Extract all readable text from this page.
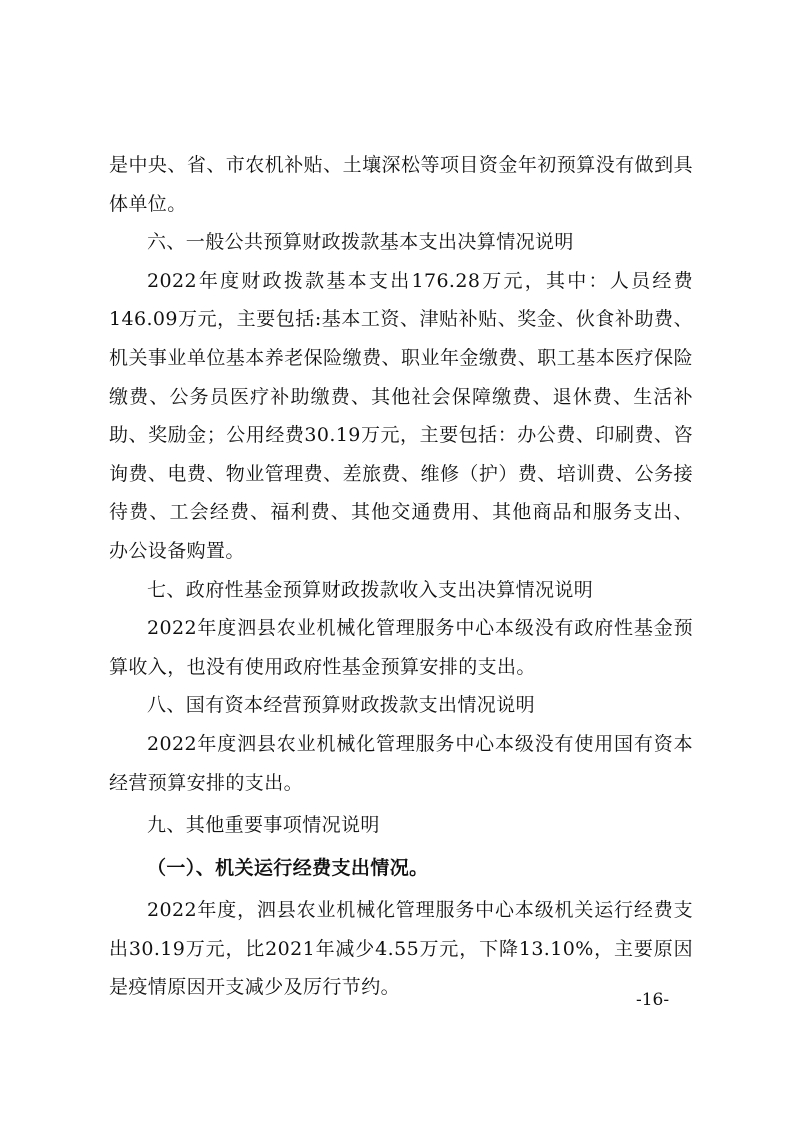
是中央、省、市农机补贴、土壤深松等项目资金年初预算没有做到具体单位。

六、一般公共预算财政拨款基本支出决算情况说明

2022年度财政拨款基本支出176.28万元，其中：人员经费146.09万元，主要包括:基本工资、津贴补贴、奖金、伙食补助费、机关事业单位基本养老保险缴费、职业年金缴费、职工基本医疗保险缴费、公务员医疗补助缴费、其他社会保障缴费、退休费、生活补助、奖励金；公用经费30.19万元，主要包括：办公费、印刷费、咨询费、电费、物业管理费、差旅费、维修（护）费、培训费、公务接待费、工会经费、福利费、其他交通费用、其他商品和服务支出、 办公设备购置。

七、政府性基金预算财政拨款收入支出决算情况说明

2022年度泗县农业机械化管理服务中心本级没有政府性基金预算收入，也没有使用政府性基金预算安排的支出。

八、国有资本经营预算财政拨款支出情况说明

2022年度泗县农业机械化管理服务中心本级没有使用国有资本经营预算安排的支出。

九、其他重要事项情况说明

（一）、机关运行经费支出情况。

2022年度，泗县农业机械化管理服务中心本级机关运行经费支出30.19万元，比2021年减少4.55万元，下降13.10%，主要原因是疫情原因开支减少及厉行节约。

-16-
